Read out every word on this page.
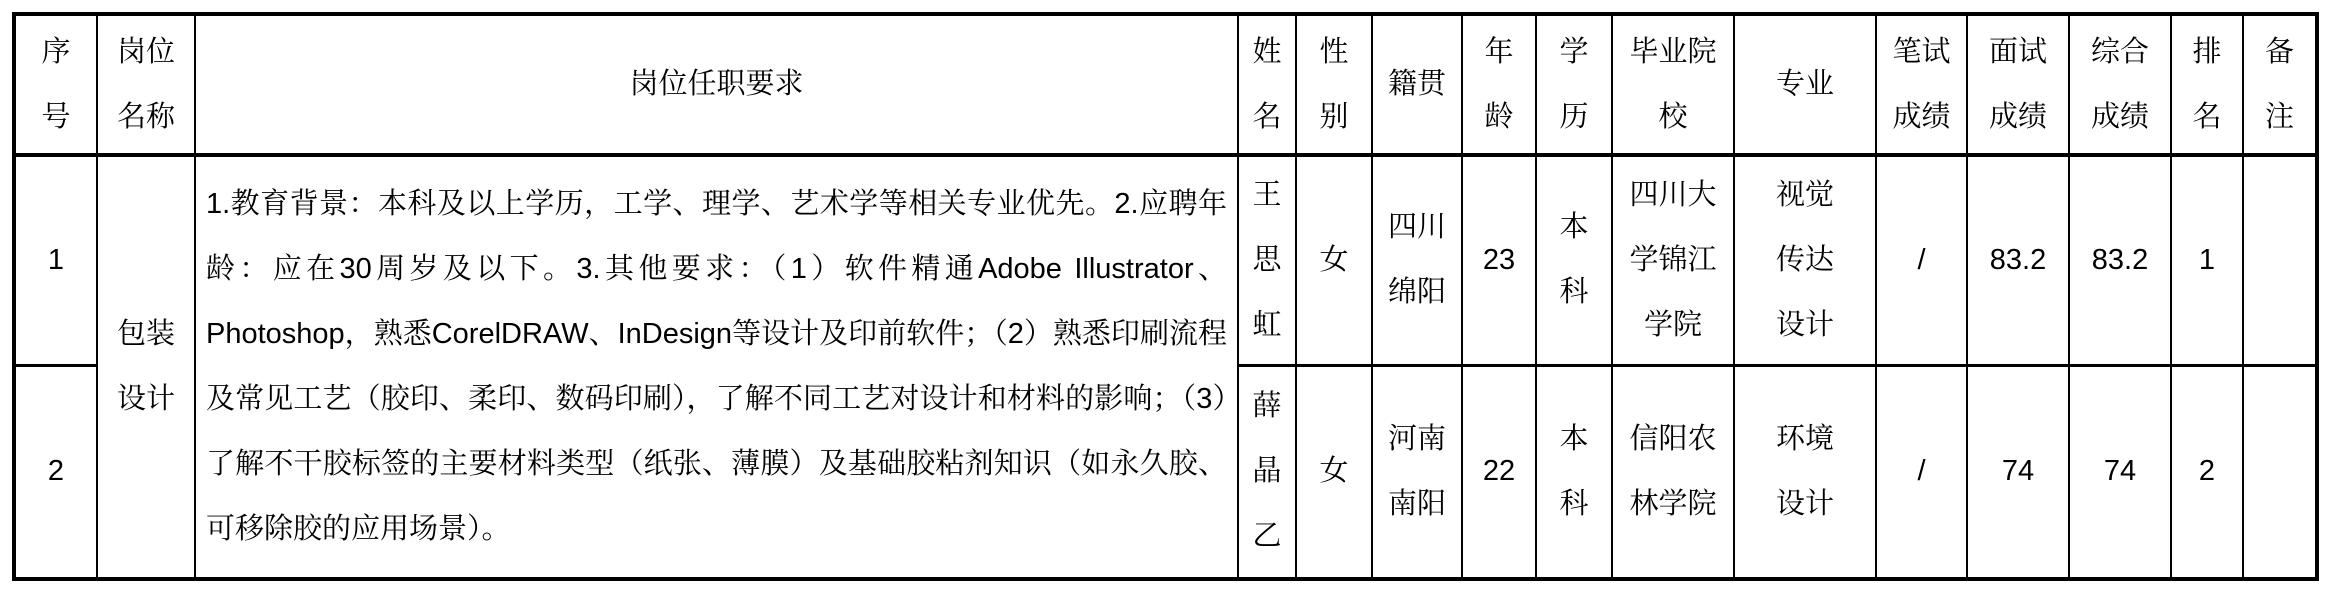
序号	岗位名称	岗位任职要求	姓名	性别	籍贯	年龄	学历	毕业院校	专业	笔试成绩	面试成绩	综合成绩	排名	备注

1	包装设计	1.教育背景：本科及以上学历，工学、理学、艺术学等相关专业优先。2.应聘年龄：应在30周岁及以下。3.其他要求：（1）软件精通Adobe Illustrator、Photoshop，熟悉CorelDRAW、InDesign等设计及印前软件；（2）熟悉印刷流程及常见工艺（胶印、柔印、数码印刷），了解不同工艺对设计和材料的影响；（3）了解不干胶标签的主要材料类型（纸张、薄膜）及基础胶粘剂知识（如永久胶、可移除胶的应用场景）。	王思虹	女	四川绵阳	23	本科	四川大学锦江学院	视觉传达设计	/	83.2	83.2	1	
2			薛晶乙	女	河南南阳	22	本科	信阳农林学院	环境设计	/	74	74	2	
